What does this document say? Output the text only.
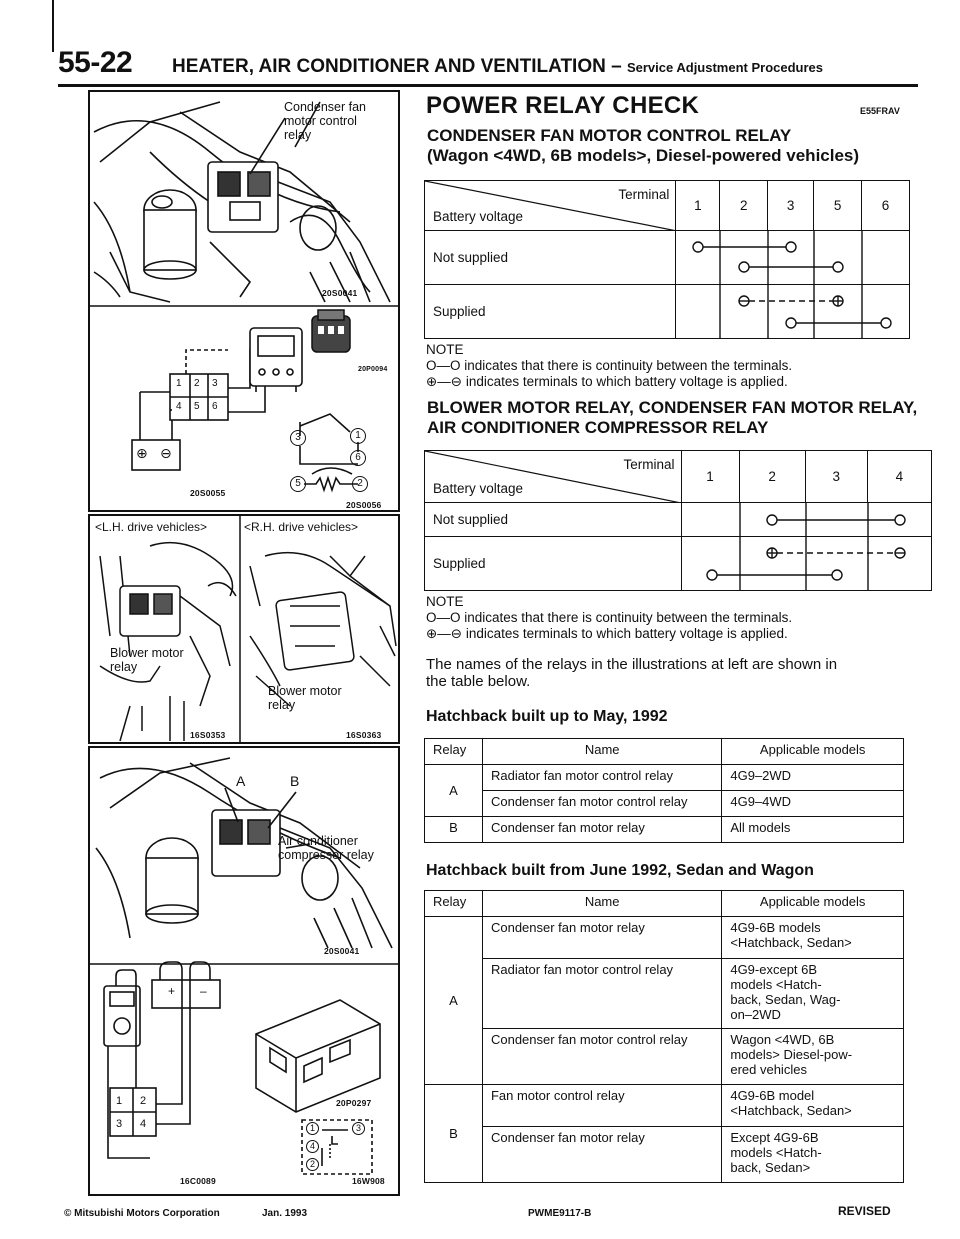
55-22 HEATER, AIR CONDITIONER AND VENTILATION – Service Adjustment Procedures
Condenser fan
motor control
relay
20S0041
20P0094
1 2 3
4 5 6
⊕ ⊖
3	1
6
5	2
20S0055
20S0056
<L.H. drive vehicles>	<R.H. drive vehicles>
Blower motor
relay
Blower motor
relay
16S0353	16S0363
A	B
Air conditioner
compressor relay
20S0041
20P0297
+ –
1 2
3 4	1	3
4
2
16C0089	16W908
POWER RELAY CHECK	E55FRAV
CONDENSER FAN MOTOR CONTROL RELAY
(Wagon <4WD, 6B models>, Diesel-powered vehicles)
Terminal
Battery voltage	1	2	3	5	6
Not supplied	

Supplied	
NOTE
O—O indicates that there is continuity between the terminals.
⊕—⊖ indicates terminals to which battery voltage is applied.
BLOWER MOTOR RELAY, CONDENSER FAN MOTOR RELAY,
AIR CONDITIONER COMPRESSOR RELAY
Terminal
Battery voltage	1	2	3	4
Not supplied	

Supplied	
NOTE
O—O indicates that there is continuity between the terminals.
⊕—⊖ indicates terminals to which battery voltage is applied.
The names of the relays in the illustrations at left are shown in
the table below.
Hatchback built up to May, 1992
Relay	Name	Applicable models
A	Radiator fan motor control relay	4G9–2WD
	Condenser fan motor control relay	4G9–4WD
B	Condenser fan motor relay	All models
Hatchback built from June 1992, Sedan and Wagon
Relay	Name	Applicable models
A	Condenser fan motor relay	4G9-6B models
<Hatchback, Sedan>

	Radiator fan motor control relay	4G9-except 6B
models <Hatch-
back, Sedan, Wag-
on–2WD

	Condenser fan motor control relay	Wagon <4WD, 6B
models> Diesel-pow-
ered vehicles

B	Fan motor control relay	4G9-6B model
<Hatchback, Sedan>

	Condenser fan motor relay	Except 4G9-6B
models <Hatch-
back, Sedan>
© Mitsubishi Motors Corporation	Jan. 1993	PWME9117-B	REVISED
